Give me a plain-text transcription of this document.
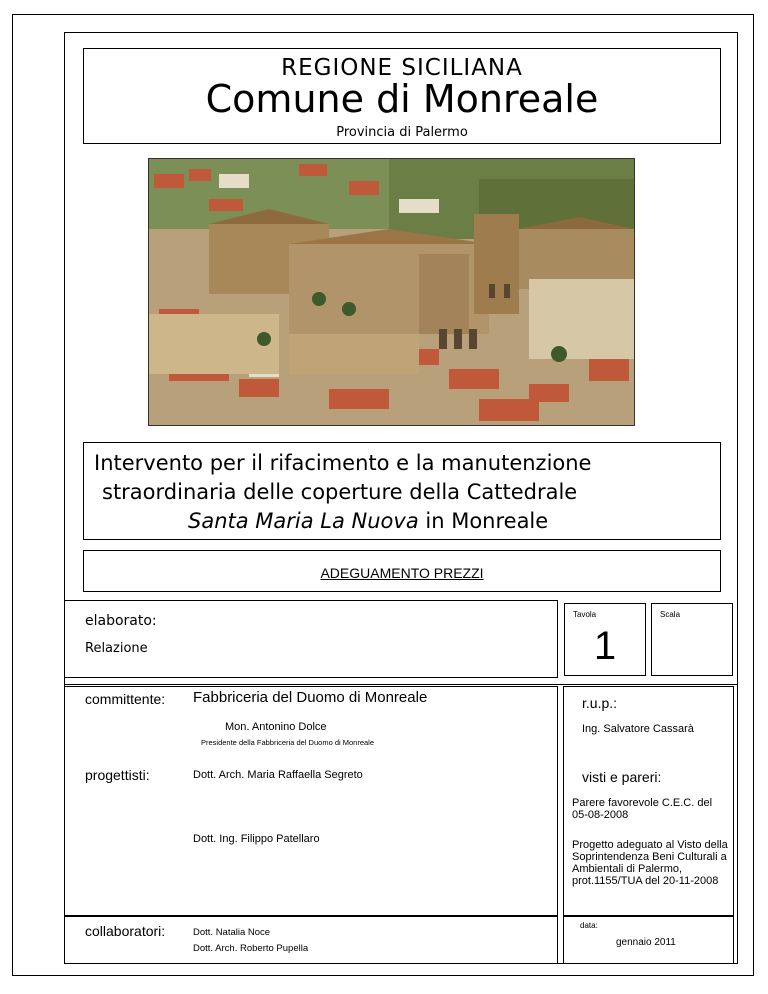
REGIONE SICILIANA
Comune di Monreale
Provincia di Palermo
Intervento per il rifacimento e la manutenzione
straordinaria delle coperture della Cattedrale
Santa Maria La Nuova in Monreale
ADEGUAMENTO PREZZI
elaborato:
Relazione
Tavola
1
Scala
committente: Fabbriceria del Duomo di Monreale
Mon. Antonino Dolce
Presidente della Fabbriceria del Duomo di Monreale
progettisti:	Dott. Arch. Maria Raffaella Segreto
Dott. Ing. Filippo Patellaro
r.u.p.:
Ing. Salvatore Cassarà
visti e pareri:
Parere favorevole C.E.C. del 05-08-2008
Progetto adeguato al Visto della Soprintendenza Beni Culturali a Ambientali di Palermo, prot.1155/TUA del 20-11-2008
collaboratori:	Dott. Natalia Noce
Dott. Arch. Roberto Pupella
data:
gennaio 2011
